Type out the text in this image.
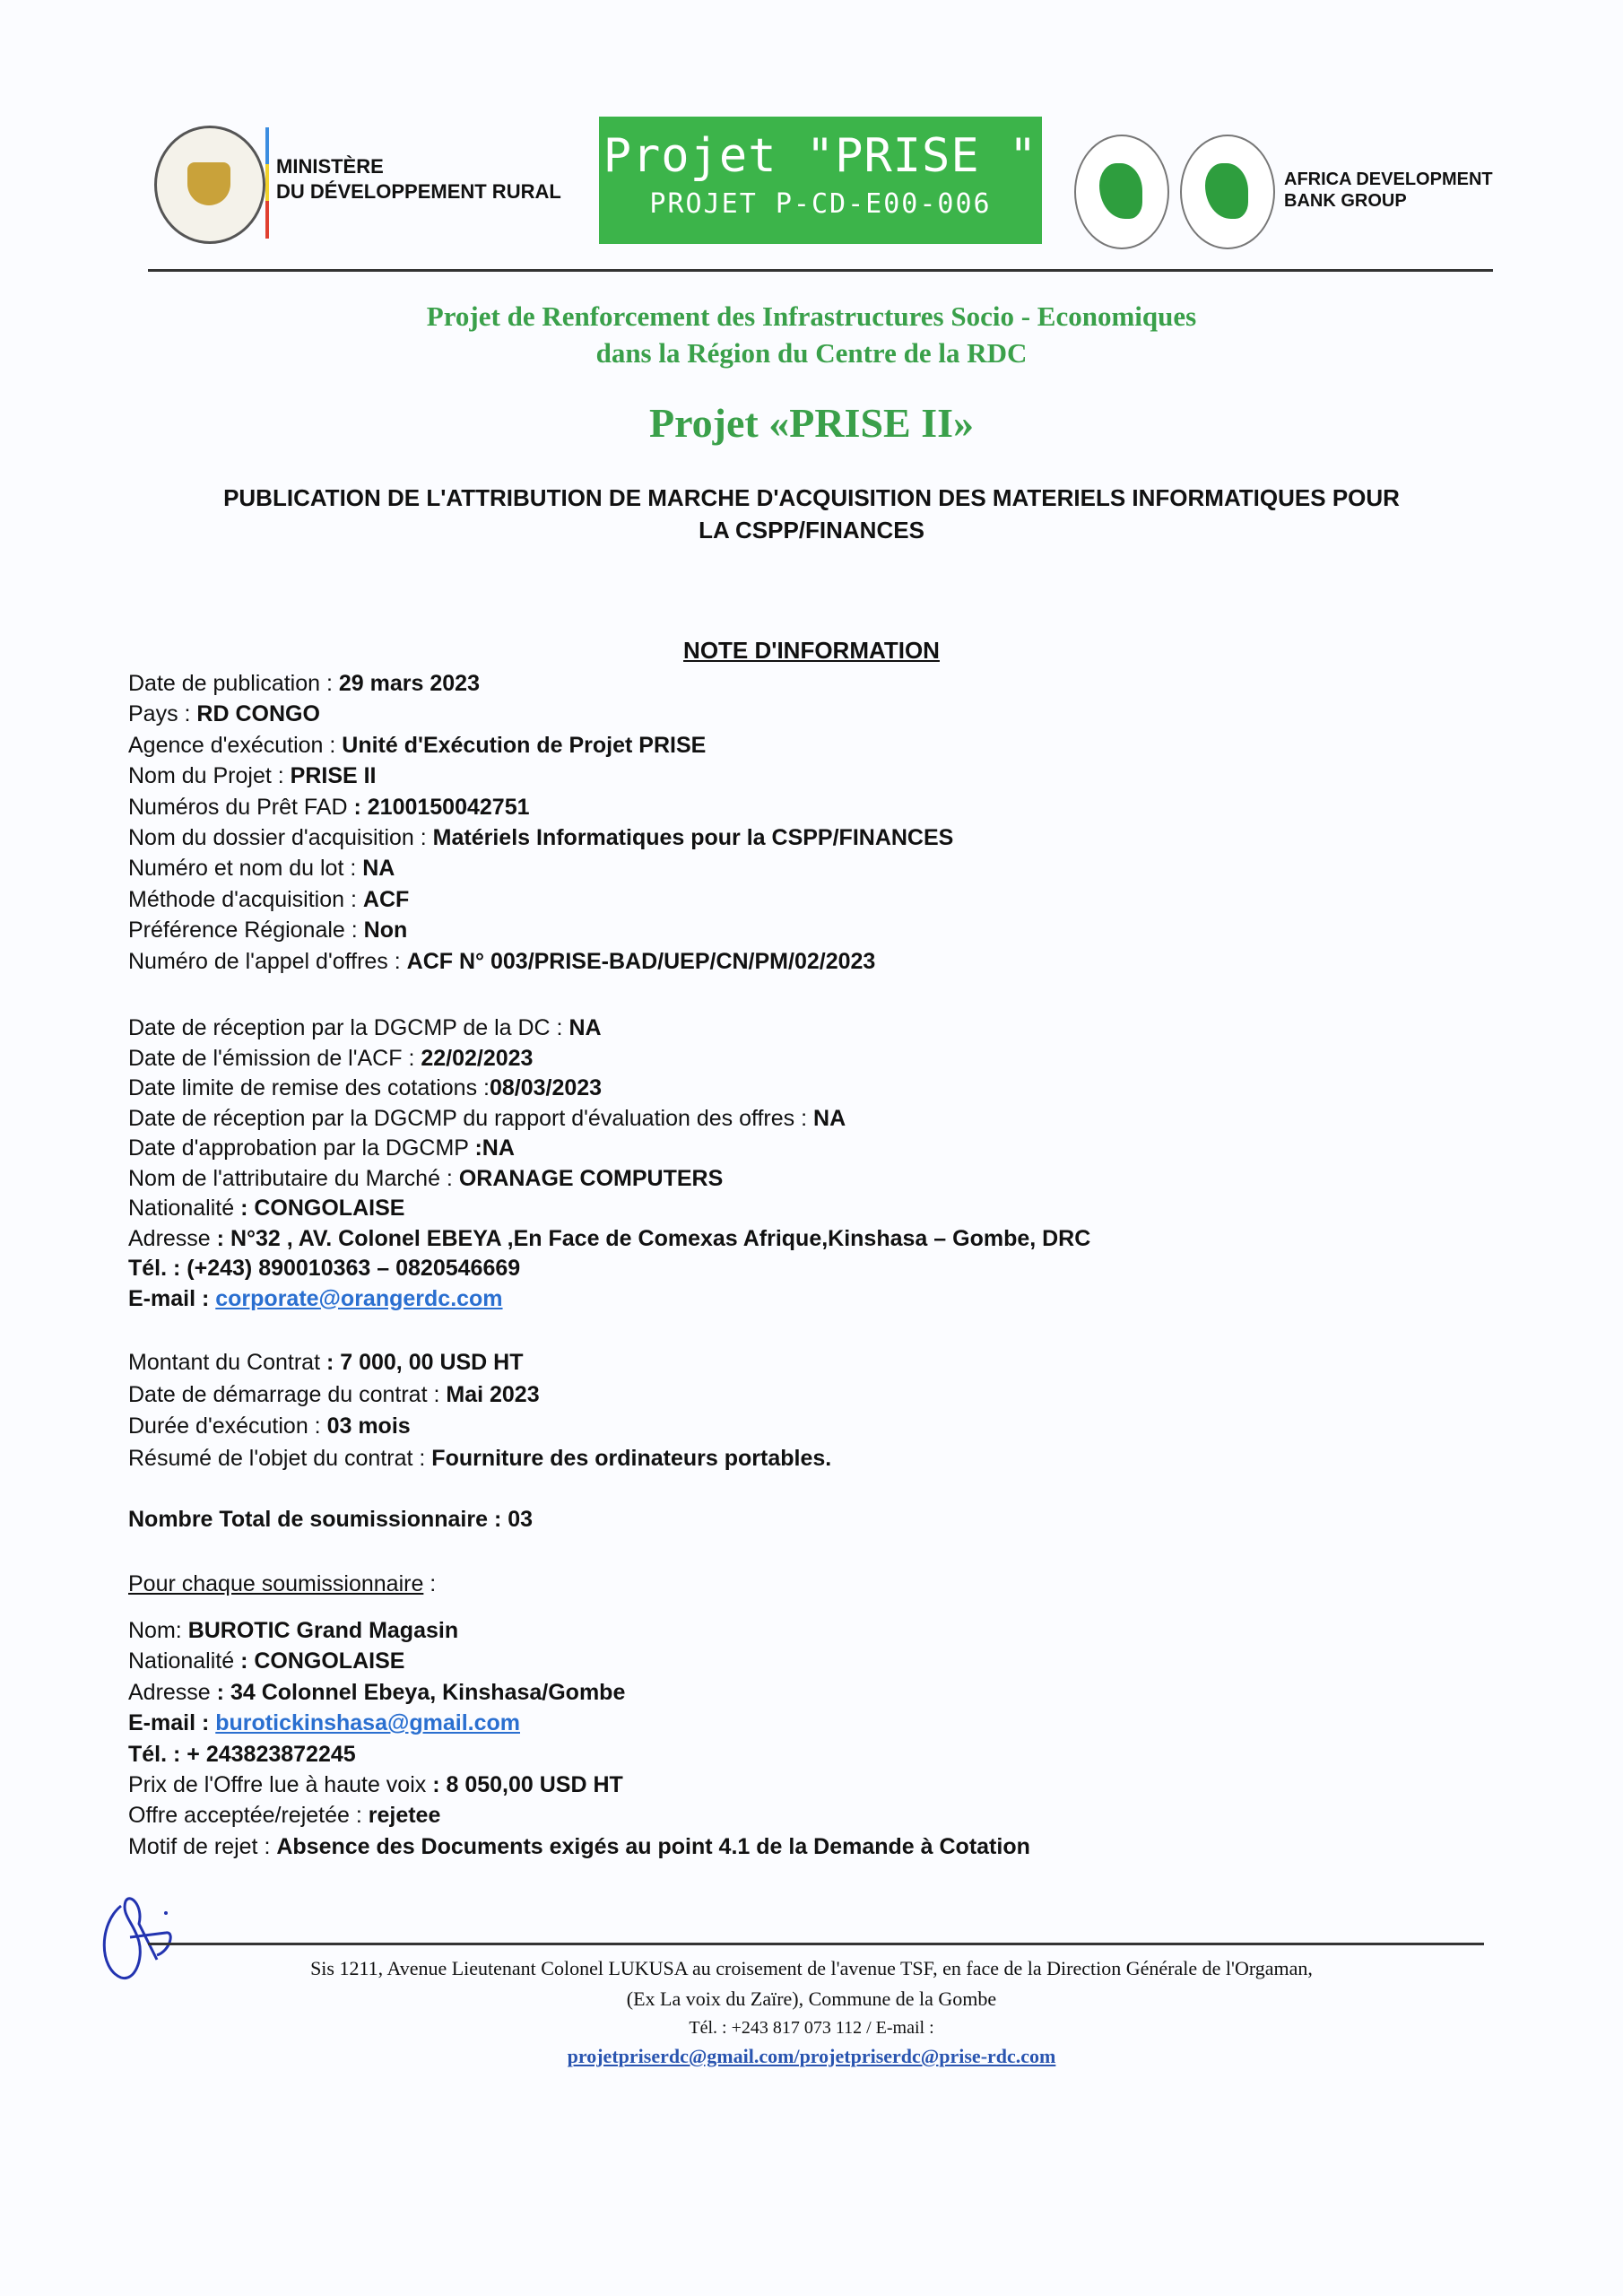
MINISTÈRE
DU DÉVELOPPEMENT RURAL
Projet "PRISE "
PROJET P-CD-E00-006
AFRICA DEVELOPMENT
BANK GROUP
Projet de Renforcement des Infrastructures Socio - Economiques
dans la Région du Centre de la RDC
Projet «PRISE II»
PUBLICATION DE L'ATTRIBUTION DE MARCHE D'ACQUISITION DES MATERIELS INFORMATIQUES POUR
LA CSPP/FINANCES
NOTE D'INFORMATION
Date de publication : 29 mars 2023
Pays : RD CONGO
Agence d'exécution : Unité d'Exécution de Projet PRISE
Nom du Projet : PRISE II
Numéros du Prêt FAD : 2100150042751
Nom du dossier d'acquisition : Matériels Informatiques pour la CSPP/FINANCES
Numéro et nom du lot : NA
Méthode d'acquisition : ACF
Préférence Régionale : Non
Numéro de l'appel d'offres : ACF N° 003/PRISE-BAD/UEP/CN/PM/02/2023
Date de réception par la DGCMP de la DC : NA
Date de l'émission de l'ACF : 22/02/2023
Date limite de remise des cotations :08/03/2023
Date de réception par la DGCMP du rapport d'évaluation des offres : NA
Date d'approbation par la DGCMP :NA
Nom de l'attributaire du Marché : ORANAGE COMPUTERS
Nationalité : CONGOLAISE
Adresse : N°32 , AV. Colonel EBEYA ,En Face de Comexas Afrique,Kinshasa – Gombe, DRC
Tél. : (+243) 890010363 – 0820546669
E-mail : corporate@orangerdc.com
Montant du Contrat : 7 000, 00 USD HT
Date de démarrage du contrat : Mai 2023
Durée d'exécution : 03 mois
Résumé de l'objet du contrat : Fourniture des ordinateurs portables.
Nombre Total de soumissionnaire : 03
Pour chaque soumissionnaire :
Nom: BUROTIC Grand Magasin
Nationalité : CONGOLAISE
Adresse : 34 Colonnel Ebeya, Kinshasa/Gombe
E-mail : burotickinshasa@gmail.com
Tél. : + 243823872245
Prix de l'Offre lue à haute voix : 8 050,00 USD HT
Offre acceptée/rejetée : rejetee
Motif de rejet : Absence des Documents exigés au point 4.1 de la Demande à Cotation
Sis 1211, Avenue Lieutenant Colonel LUKUSA au croisement de l'avenue TSF, en face de la Direction Générale de l'Orgaman,
(Ex La voix du Zaïre), Commune de la Gombe
Tél. : +243 817 073 112 / E-mail :
projetpriserdc@gmail.com/projetpriserdc@prise-rdc.com
